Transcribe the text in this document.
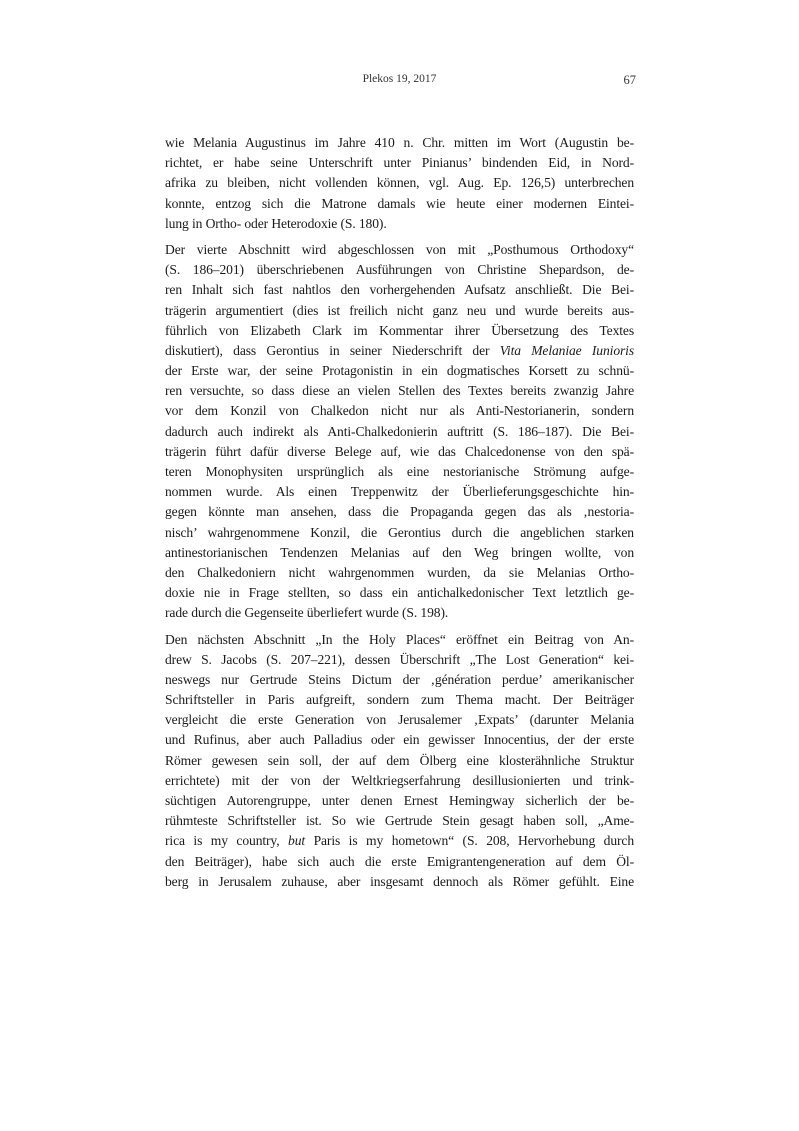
Plekos 19, 2017	67
wie Melania Augustinus im Jahre 410 n. Chr. mitten im Wort (Augustin be-
richtet, er habe seine Unterschrift unter Pinianus’ bindenden Eid, in Nord-
afrika zu bleiben, nicht vollenden können, vgl. Aug. Ep. 126,5) unterbrechen
konnte, entzog sich die Matrone damals wie heute einer modernen Eintei-
lung in Ortho- oder Heterodoxie (S. 180).
Der vierte Abschnitt wird abgeschlossen von mit „Posthumous Orthodoxy“
(S. 186–201) überschriebenen Ausführungen von Christine Shepardson, de-
ren Inhalt sich fast nahtlos den vorhergehenden Aufsatz anschließt. Die Bei-
trägerin argumentiert (dies ist freilich nicht ganz neu und wurde bereits aus-
führlich von Elizabeth Clark im Kommentar ihrer Übersetzung des Textes
diskutiert), dass Gerontius in seiner Niederschrift der Vita Melaniae Iunioris
der Erste war, der seine Protagonistin in ein dogmatisches Korsett zu schnü-
ren versuchte, so dass diese an vielen Stellen des Textes bereits zwanzig Jahre
vor dem Konzil von Chalkedon nicht nur als Anti-Nestorianerin, sondern
dadurch auch indirekt als Anti-Chalkedonierin auftritt (S. 186–187). Die Bei-
trägerin führt dafür diverse Belege auf, wie das Chalcedonense von den spä-
teren Monophysiten ursprünglich als eine nestorianische Strömung aufge-
nommen wurde. Als einen Treppenwitz der Überlieferungsgeschichte hin-
gegen könnte man ansehen, dass die Propaganda gegen das als ‚nestoria-
nisch’ wahrgenommene Konzil, die Gerontius durch die angeblichen starken
antinestorianischen Tendenzen Melanias auf den Weg bringen wollte, von
den Chalkedoniern nicht wahrgenommen wurden, da sie Melanias Ortho-
doxie nie in Frage stellten, so dass ein antichalkedonischer Text letztlich ge-
rade durch die Gegenseite überliefert wurde (S. 198).
Den nächsten Abschnitt „In the Holy Places“ eröffnet ein Beitrag von An-
drew S. Jacobs (S. 207–221), dessen Überschrift „The Lost Generation“ kei-
neswegs nur Gertrude Steins Dictum der ‚génération perdue’ amerikanischer
Schriftsteller in Paris aufgreift, sondern zum Thema macht. Der Beiträger
vergleicht die erste Generation von Jerusalemer ‚Expats’ (darunter Melania
und Rufinus, aber auch Palladius oder ein gewisser Innocentius, der der erste
Römer gewesen sein soll, der auf dem Ölberg eine klosterähnliche Struktur
errichtete) mit der von der Weltkriegserfahrung desillusionierten und trink-
süchtigen Autorengruppe, unter denen Ernest Hemingway sicherlich der be-
rühmteste Schriftsteller ist. So wie Gertrude Stein gesagt haben soll, „Ame-
rica is my country, but Paris is my hometown“ (S. 208, Hervorhebung durch
den Beiträger), habe sich auch die erste Emigrantengeneration auf dem Öl-
berg in Jerusalem zuhause, aber insgesamt dennoch als Römer gefühlt. Eine
